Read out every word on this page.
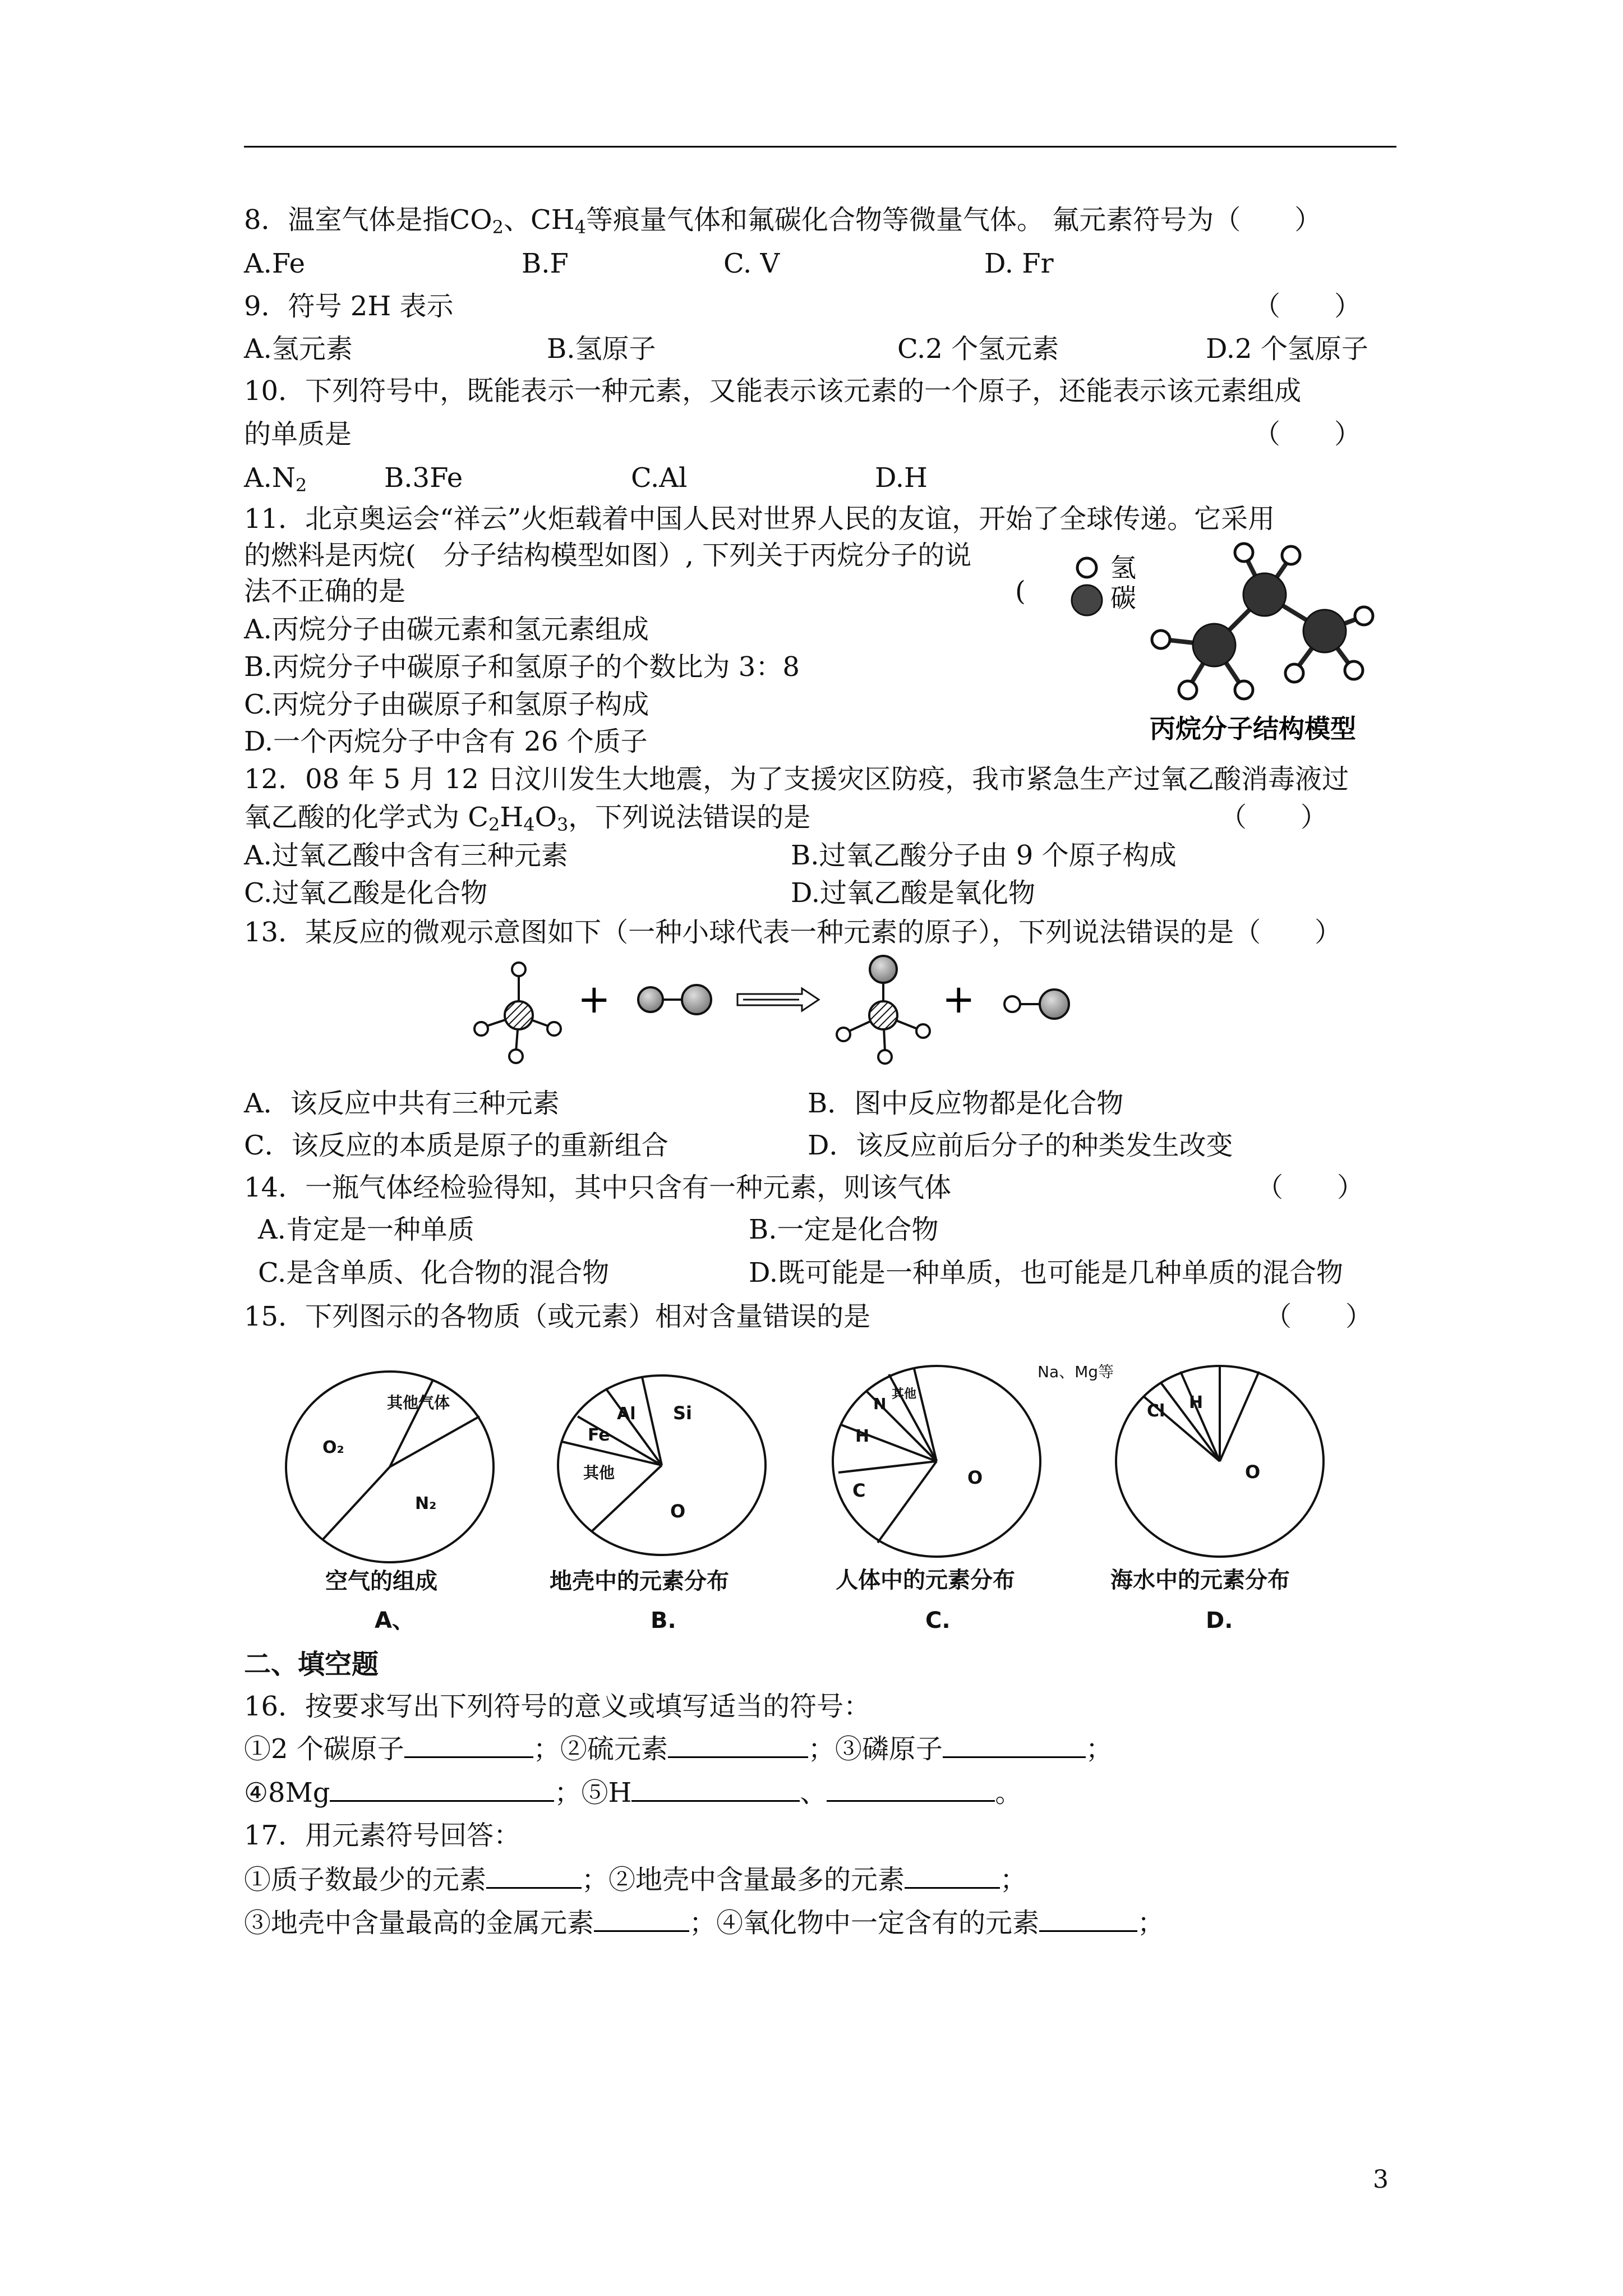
8．温室气体是指$CO_2$、$CH_4$等痕量气体和氟碳化合物等微量气体。 氟元素符号为（　　）
A.Fe	B.F	C. V	D. Fr
9．符号 2H 表示	（　　）
A.氢元素	B.氢原子	C.2 个氢元素	D.2 个氢原子
10．下列符号中，既能表示一种元素，又能表示该元素的一个原子，还能表示该元素组成
的单质是	（　　）
$A.N_2$	B.3Fe	C.Al	D.H
11．北京奥运会“祥云”火炬载着中国人民对世界人民的友谊，开始了全球传递。它采用
的燃料是丙烷(　分子结构模型如图）, 下列关于丙烷分子的说
法不正确的是	(
A.丙烷分子由碳元素和氢元素组成
B.丙烷分子中碳原子和氢原子的个数比为 3：8
C.丙烷分子由碳原子和氢原子构成
D.一个丙烷分子中含有 26 个质子
氢
碳
丙烷分子结构模型
12．08 年 5 月 12 日汶川发生大地震，为了支援灾区防疫，我市紧急生产过氧乙酸消毒液过
氧乙酸的化学式为 $C_2H_4O_3$，下列说法错误的是	（　　）
A.过氧乙酸中含有三种元素	B.过氧乙酸分子由 9 个原子构成
C.过氧乙酸是化合物	D.过氧乙酸是氧化物
13．某反应的微观示意图如下（一种小球代表一种元素的原子），下列说法错误的是（　　）
+	+
A．该反应中共有三种元素	B．图中反应物都是化合物
C．该反应的本质是原子的重新组合	D．该反应前后分子的种类发生改变
14．一瓶气体经检验得知，其中只含有一种元素，则该气体	（　　）
A.肯定是一种单质	B.一定是化合物
C.是含单质、化合物的混合物	D.既可能是一种单质，也可能是几种单质的混合物
15．下列图示的各物质（或元素）相对含量错误的是	（　　）
O₂
其他气体
N₂
Si
Al
Fe
其他
O
其他
N
H
C
O
Na、Mg等
Cl H
O
空气的组成	地壳中的元素分布	人体中的元素分布	海水中的元素分布
A、	B.	C.	D.
二、填空题
16．按要求写出下列符号的意义或填写适当的符号：
①2 个碳原子	；②硫元素	；③磷原子	；
④8Mg	；⑤H	、	。
17．用元素符号回答：
①质子数最少的元素	；②地壳中含量最多的元素	；
③地壳中含量最高的金属元素	；④氧化物中一定含有的元素	；
3
